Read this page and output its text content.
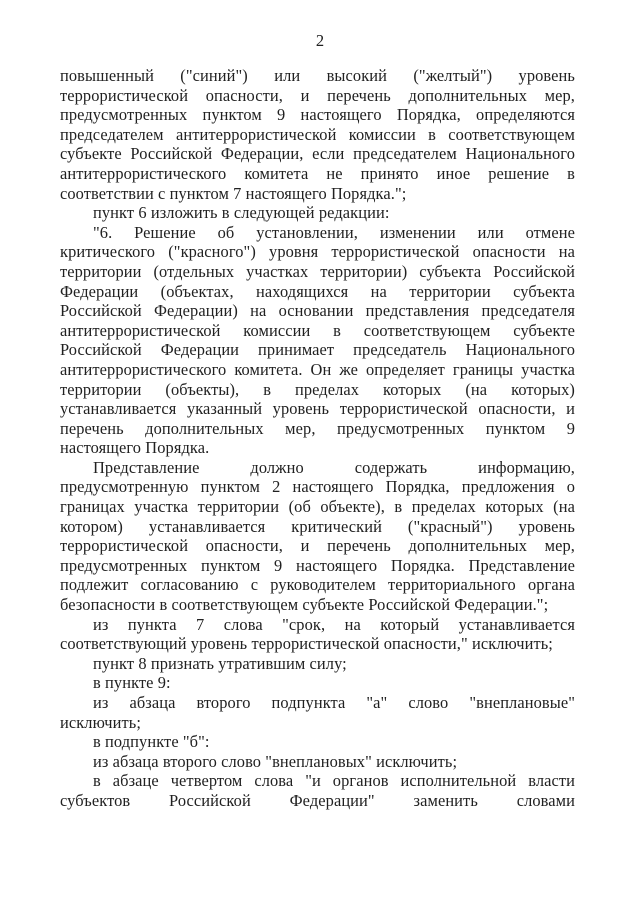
2
повышенный ("синий") или высокий ("желтый") уровень
террористической опасности, и перечень дополнительных мер,
предусмотренных пунктом 9 настоящего Порядка, определяются
председателем антитеррористической комиссии в соответствующем
субъекте Российской Федерации, если председателем Национального
антитеррористического комитета не принято иное решение в
соответствии с пунктом 7 настоящего Порядка.";
пункт 6 изложить в следующей редакции:
"6. Решение об установлении, изменении или отмене
критического ("красного") уровня террористической опасности на
территории (отдельных участках территории) субъекта Российской
Федерации (объектах, находящихся на территории субъекта
Российской Федерации) на основании представления председателя
антитеррористической комиссии в соответствующем субъекте
Российской Федерации принимает председатель Национального
антитеррористического комитета. Он же определяет границы участка
территории (объекты), в пределах которых (на которых)
устанавливается указанный уровень террористической опасности, и
перечень дополнительных мер, предусмотренных пунктом 9
настоящего Порядка.
Представление должно содержать информацию,
предусмотренную пунктом 2 настоящего Порядка, предложения о
границах участка территории (об объекте), в пределах которых (на
котором) устанавливается критический ("красный") уровень
террористической опасности, и перечень дополнительных мер,
предусмотренных пунктом 9 настоящего Порядка. Представление
подлежит согласованию с руководителем территориального органа
безопасности в соответствующем субъекте Российской Федерации.";
из пункта 7 слова "срок, на который устанавливается
соответствующий уровень террористической опасности," исключить;
пункт 8 признать утратившим силу;
в пункте 9:
из абзаца второго подпункта "а" слово "внеплановые"
исключить;
в подпункте "б":
из абзаца второго слово "внеплановых" исключить;
в абзаце четвертом слова "и органов исполнительной власти
субъектов Российской Федерации" заменить словами
